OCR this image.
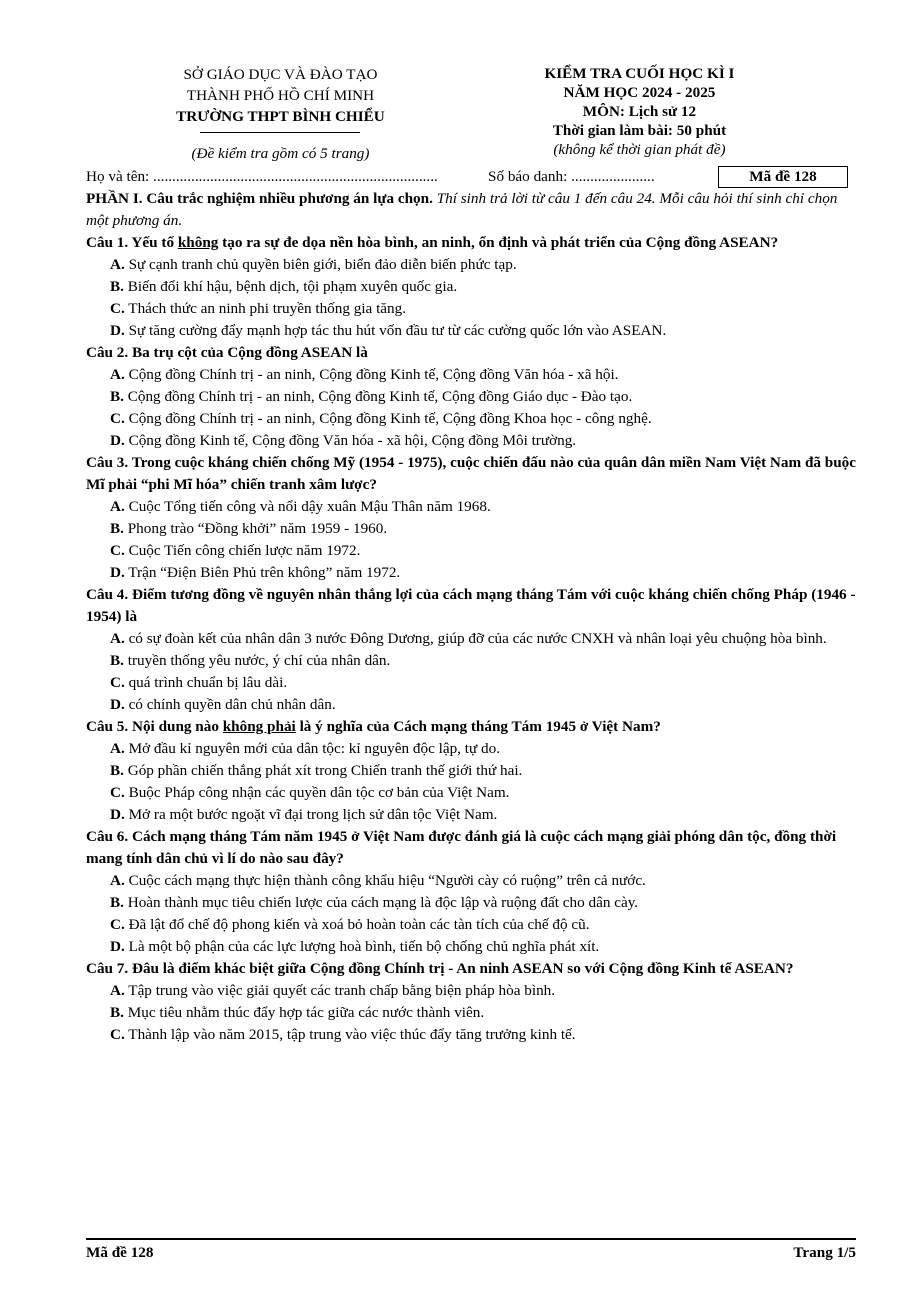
SỞ GIÁO DỤC VÀ ĐÀO TẠO
THÀNH PHỐ HỒ CHÍ MINH
TRƯỜNG THPT BÌNH CHIỂU
(Đề kiểm tra gồm có 5 trang)
KIỂM TRA CUỐI HỌC KÌ I
NĂM HỌC 2024 - 2025
MÔN: Lịch sử 12
Thời gian làm bài: 50 phút
(không kể thời gian phát đề)
Họ và tên: ...........................................................................	Số báo danh: ......................	Mã đề 128
PHẦN I. Câu trắc nghiệm nhiều phương án lựa chọn. Thí sinh trả lời từ câu 1 đến câu 24. Mỗi câu hỏi thí sinh chỉ chọn một phương án.
Câu 1. Yếu tố không tạo ra sự đe dọa nền hòa bình, an ninh, ổn định và phát triển của Cộng đồng ASEAN?
A. Sự cạnh tranh chủ quyền biên giới, biển đảo diễn biến phức tạp.
B. Biến đổi khí hậu, bệnh dịch, tội phạm xuyên quốc gia.
C. Thách thức an ninh phi truyền thống gia tăng.
D. Sự tăng cường đẩy mạnh hợp tác thu hút vốn đầu tư từ các cường quốc lớn vào ASEAN.
Câu 2. Ba trụ cột của Cộng đồng ASEAN là
A. Cộng đồng Chính trị - an ninh, Cộng đồng Kinh tế, Cộng đồng Văn hóa - xã hội.
B. Cộng đồng Chính trị - an ninh, Cộng đồng Kinh tế, Cộng đồng Giáo dục - Đào tạo.
C. Cộng đồng Chính trị - an ninh, Cộng đồng Kinh tế, Cộng đồng Khoa học - công nghệ.
D. Cộng đồng Kinh tế, Cộng đồng Văn hóa - xã hội, Cộng đồng Môi trường.
Câu 3. Trong cuộc kháng chiến chống Mỹ (1954 - 1975), cuộc chiến đấu nào của quân dân miền Nam Việt Nam đã buộc Mĩ phải “phi Mĩ hóa” chiến tranh xâm lược?
A. Cuộc Tổng tiến công và nổi dậy xuân Mậu Thân năm 1968.
B. Phong trào “Đồng khởi” năm 1959 - 1960.
C. Cuộc Tiến công chiến lược năm 1972.
D. Trận “Điện Biên Phủ trên không” năm 1972.
Câu 4. Điểm tương đồng về nguyên nhân thắng lợi của cách mạng tháng Tám với cuộc kháng chiến chống Pháp (1946 - 1954) là
A. có sự đoàn kết của nhân dân 3 nước Đông Dương, giúp đỡ của các nước CNXH và nhân loại yêu chuộng hòa bình.
B. truyền thống yêu nước, ý chí của nhân dân.
C. quá trình chuẩn bị lâu dài.
D. có chính quyền dân chủ nhân dân.
Câu 5. Nội dung nào không phải là ý nghĩa của Cách mạng tháng Tám 1945 ở Việt Nam?
A. Mở đầu kỉ nguyên mới của dân tộc: kỉ nguyên độc lập, tự do.
B. Góp phần chiến thắng phát xít trong Chiến tranh thế giới thứ hai.
C. Buộc Pháp công nhận các quyền dân tộc cơ bản của Việt Nam.
D. Mở ra một bước ngoặt vĩ đại trong lịch sử dân tộc Việt Nam.
Câu 6. Cách mạng tháng Tám năm 1945 ở Việt Nam được đánh giá là cuộc cách mạng giải phóng dân tộc, đồng thời mang tính dân chủ vì lí do nào sau đây?
A. Cuộc cách mạng thực hiện thành công khẩu hiệu “Người cày có ruộng” trên cả nước.
B. Hoàn thành mục tiêu chiến lược của cách mạng là độc lập và ruộng đất cho dân cày.
C. Đã lật đổ chế độ phong kiến và xoá bỏ hoàn toàn các tàn tích của chế độ cũ.
D. Là một bộ phận của các lực lượng hoà bình, tiến bộ chống chủ nghĩa phát xít.
Câu 7. Đâu là điểm khác biệt giữa Cộng đồng Chính trị - An ninh ASEAN so với Cộng đồng Kinh tế ASEAN?
A. Tập trung vào việc giải quyết các tranh chấp bằng biện pháp hòa bình.
B. Mục tiêu nhằm thúc đẩy hợp tác giữa các nước thành viên.
C. Thành lập vào năm 2015, tập trung vào việc thúc đẩy tăng trưởng kinh tế.
Mã đề 128	Trang 1/5
